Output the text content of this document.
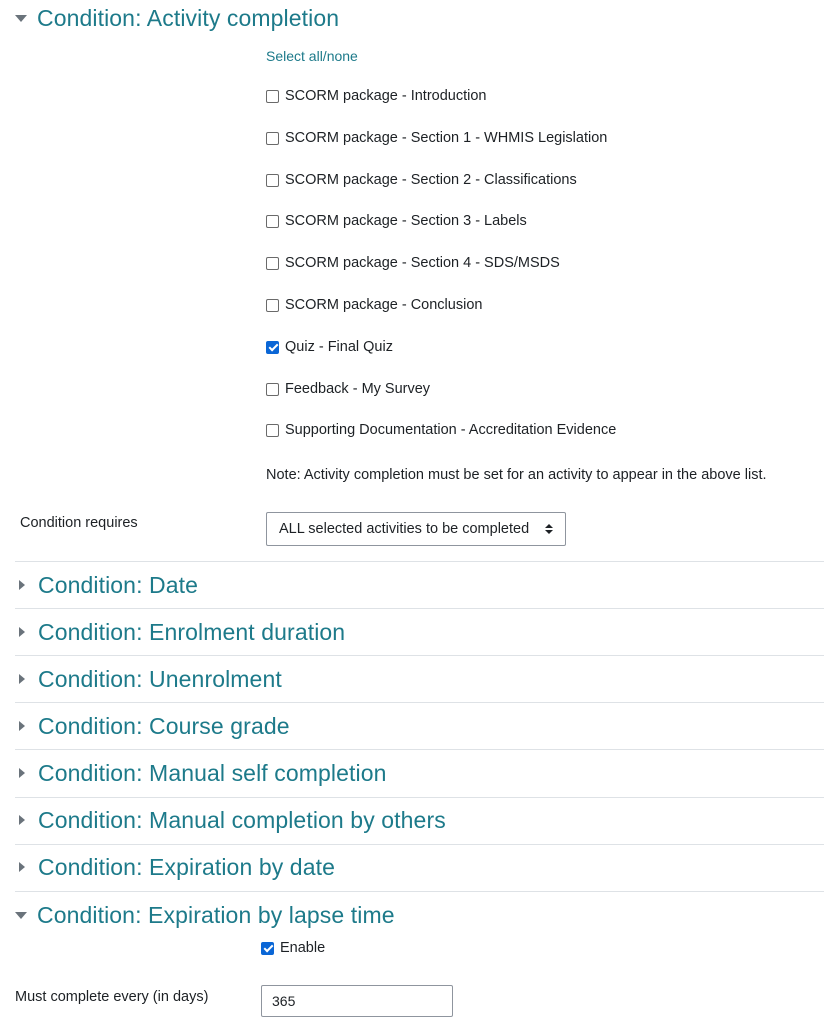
Condition: Activity completion
Select all/none
SCORM package - Introduction
SCORM package - Section 1 - WHMIS Legislation
SCORM package - Section 2 - Classifications
SCORM package - Section 3 - Labels
SCORM package - Section 4 - SDS/MSDS
SCORM package - Conclusion
Quiz - Final Quiz
Feedback - My Survey
Supporting Documentation - Accreditation Evidence
Note: Activity completion must be set for an activity to appear in the above list.
Condition requires	ALL selected activities to be completed
Condition: Date
Condition: Enrolment duration
Condition: Unenrolment
Condition: Course grade
Condition: Manual self completion
Condition: Manual completion by others
Condition: Expiration by date
Condition: Expiration by lapse time
Enable
Must complete every (in days)
365
